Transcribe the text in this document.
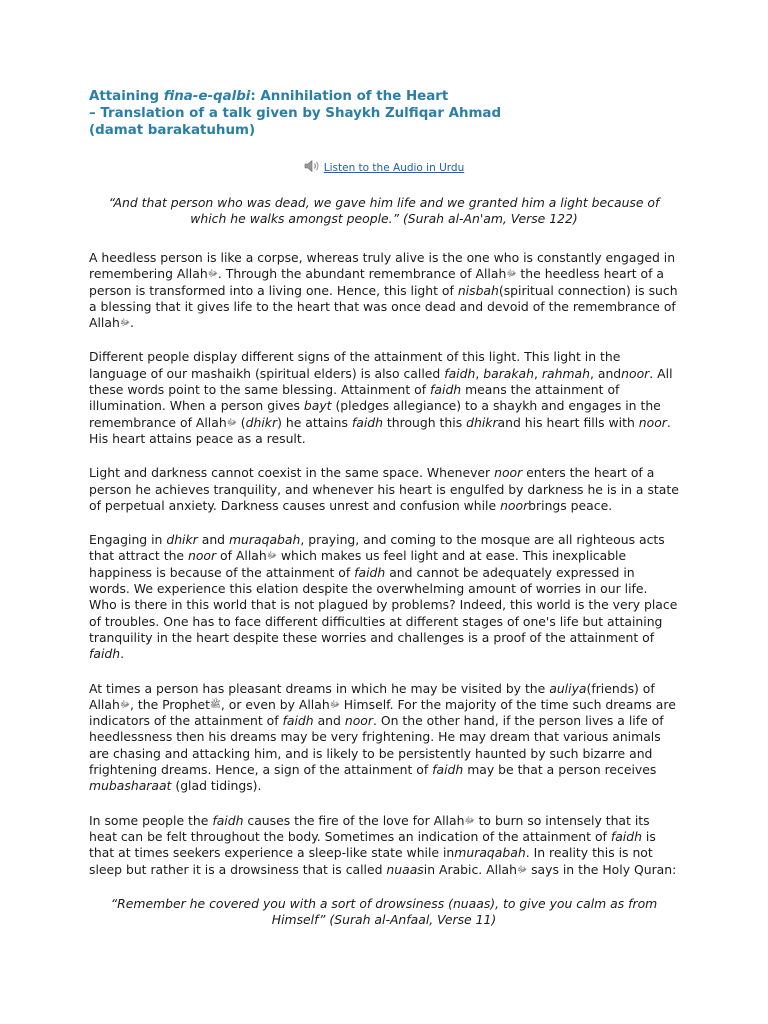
Attaining fina-e-qalbi: Annihilation of the Heart
– Translation of a talk given by Shaykh Zulfiqar Ahmad
(damat barakatuhum)
Listen to the Audio in Urdu

“And that person who was dead, we gave him life and we granted him a light because of which he walks amongst people.” (Surah al-An'am, Verse 122)

A heedless person is like a corpse, whereas truly alive is the one who is constantly engaged in remembering Allahﷻ. Through the abundant remembrance of Allahﷻ the heedless heart of a person is transformed into a living one. Hence, this light of nisbah(spiritual connection) is such a blessing that it gives life to the heart that was once dead and devoid of the remembrance of Allahﷻ.

Different people display different signs of the attainment of this light. This light in the language of our mashaikh (spiritual elders) is also called faidh, barakah, rahmah, andnoor. All these words point to the same blessing. Attainment of faidh means the attainment of illumination. When a person gives bayt (pledges allegiance) to a shaykh and engages in the remembrance of Allahﷻ (dhikr) he attains faidh through this dhikrand his heart fills with noor. His heart attains peace as a result.

Light and darkness cannot coexist in the same space. Whenever noor enters the heart of a person he achieves tranquility, and whenever his heart is engulfed by darkness he is in a state of perpetual anxiety. Darkness causes unrest and confusion while noorbrings peace.

Engaging in dhikr and muraqabah, praying, and coming to the mosque are all righteous acts that attract the noor of Allahﷻ which makes us feel light and at ease. This inexplicable happiness is because of the attainment of faidh and cannot be adequately expressed in words. We experience this elation despite the overwhelming amount of worries in our life. Who is there in this world that is not plagued by problems? Indeed, this world is the very place of troubles. One has to face different difficulties at different stages of one's life but attaining tranquility in the heart despite these worries and challenges is a proof of the attainment of faidh.

At times a person has pleasant dreams in which he may be visited by the auliya(friends) of Allahﷻ, the Prophetﷺ, or even by Allahﷻ Himself. For the majority of the time such dreams are indicators of the attainment of faidh and noor. On the other hand, if the person lives a life of heedlessness then his dreams may be very frightening. He may dream that various animals are chasing and attacking him, and is likely to be persistently haunted by such bizarre and frightening dreams. Hence, a sign of the attainment of faidh may be that a person receives mubasharaat (glad tidings).

In some people the faidh causes the fire of the love for Allahﷻ to burn so intensely that its heat can be felt throughout the body. Sometimes an indication of the attainment of faidh is that at times seekers experience a sleep-like state while inmuraqabah. In reality this is not sleep but rather it is a drowsiness that is called nuaasin Arabic. Allahﷻ says in the Holy Quran:

“Remember he covered you with a sort of drowsiness (nuaas), to give you calm as from Himself” (Surah al-Anfaal, Verse 11)
